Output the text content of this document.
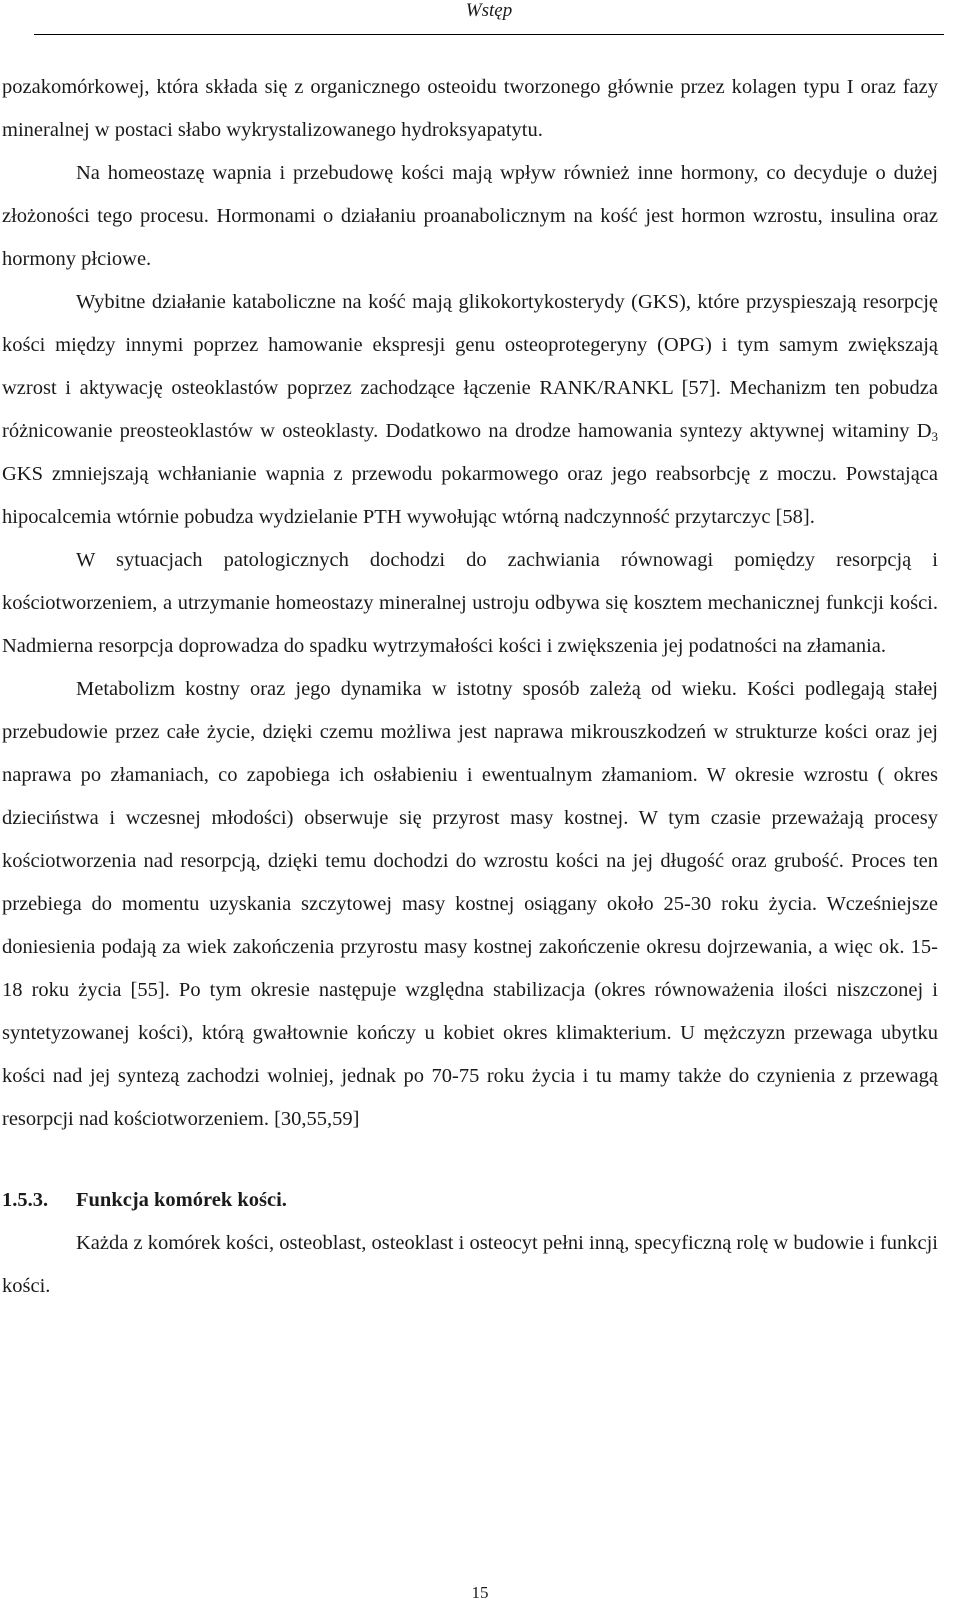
Wstęp

pozakomórkowej, która składa się z organicznego osteoidu tworzonego głównie przez kolagen typu I oraz fazy mineralnej w postaci słabo wykrystalizowanego hydroksyapatytu.

Na homeostazę wapnia i przebudowę kości mają wpływ również inne hormony, co decyduje o dużej złożoności tego procesu. Hormonami o działaniu proanabolicznym na kość jest hormon wzrostu, insulina oraz hormony płciowe.

Wybitne działanie kataboliczne na kość mają glikokortykosterydy (GKS), które przyspieszają resorpcję kości między innymi poprzez hamowanie ekspresji genu osteoprotegeryny (OPG) i tym samym zwiększają wzrost i aktywację osteoklastów poprzez zachodzące łączenie RANK/RANKL [57]. Mechanizm ten pobudza różnicowanie preosteoklastów w osteoklasty. Dodatkowo na drodze hamowania syntezy aktywnej witaminy $D_3$ GKS zmniejszają wchłanianie wapnia z przewodu pokarmowego oraz jego reabsorbcję z moczu. Powstająca hipocalcemia wtórnie pobudza wydzielanie PTH wywołując wtórną nadczynność przytarczyc [58].

W sytuacjach patologicznych dochodzi do zachwiania równowagi pomiędzy resorpcją i kościotworzeniem, a utrzymanie homeostazy mineralnej ustroju odbywa się kosztem mechanicznej funkcji kości. Nadmierna resorpcja doprowadza do spadku wytrzymałości kości i zwiększenia jej podatności na złamania.

Metabolizm kostny oraz jego dynamika w istotny sposób zależą od wieku. Kości podlegają stałej przebudowie przez całe życie, dzięki czemu możliwa jest naprawa mikrouszkodzeń w strukturze kości oraz jej naprawa po złamaniach, co zapobiega ich osłabieniu i ewentualnym złamaniom. W okresie wzrostu ( okres dzieciństwa i wczesnej młodości) obserwuje się przyrost masy kostnej. W tym czasie przeważają procesy kościotworzenia nad resorpcją, dzięki temu dochodzi do wzrostu kości na jej długość oraz grubość. Proces ten przebiega do momentu uzyskania szczytowej masy kostnej osiągany około 25-30 roku życia. Wcześniejsze doniesienia podają za wiek zakończenia przyrostu masy kostnej zakończenie okresu dojrzewania, a więc ok. 15-18 roku życia [55]. Po tym okresie następuje względna stabilizacja (okres równoważenia ilości niszczonej i syntetyzowanej kości), którą gwałtownie kończy u kobiet okres klimakterium. U mężczyzn przewaga ubytku kości nad jej syntezą zachodzi wolniej, jednak po 70-75 roku życia i tu mamy także do czynienia z przewagą resorpcji nad kościotworzeniem. [30,55,59]

1.5.3.	Funkcja komórek kości.

Każda z komórek kości, osteoblast, osteoklast i osteocyt pełni inną, specyficzną rolę w budowie i funkcji kości.

15
